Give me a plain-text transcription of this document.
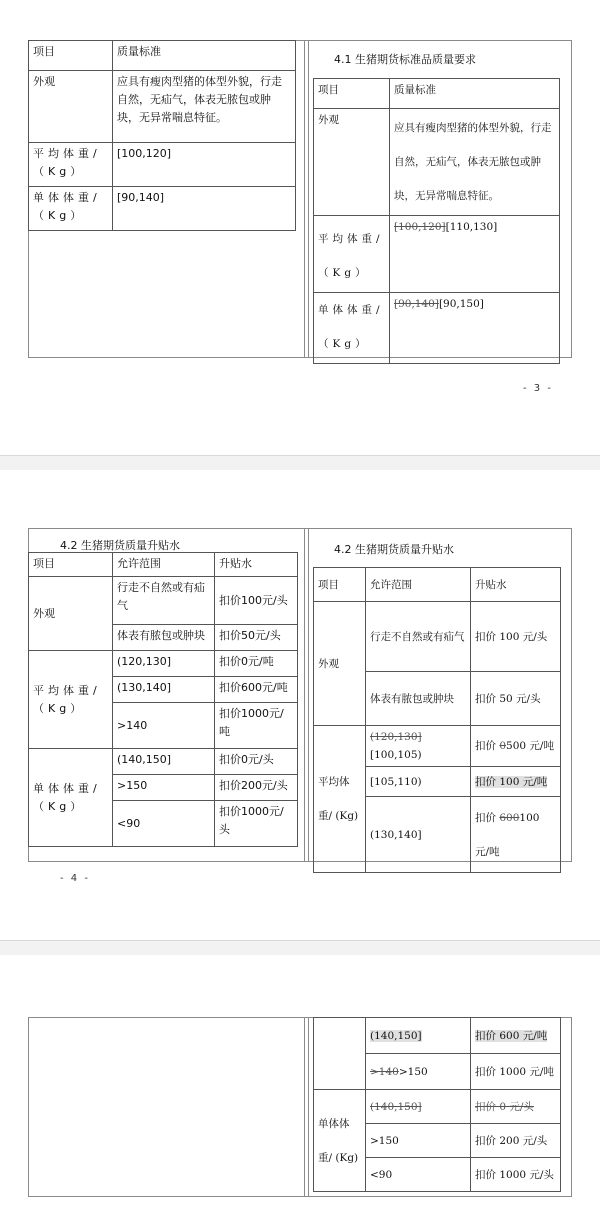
项目	质量标准
外观	应具有瘦肉型猪的体型外貌，行走自然，无疝气，体表无脓包或肿块，无异常喘息特征。
平均体重/（Kg）	[100,120]
单体体重/（Kg）	[90,140]
4.1 生猪期货标准品质量要求
项目	质量标准
外观	应具有瘦肉型猪的体型外貌，行走自然，无疝气，体表无脓包或肿块，无异常喘息特征。
平均体重/（Kg）	[100,120][110,130]
单体体重/（Kg）	[90,140][90,150]
- 3 -
4.2 生猪期货质量升贴水
项目	允许范围	升贴水
外观	行走不自然或有疝气	扣价100元/头
	体表有脓包或肿块	扣价50元/头
平均体重/（Kg）	(120,130]	扣价0元/吨
	(130,140]	扣价600元/吨
	>140	扣价1000元/吨
单体体重/（Kg）	(140,150]	扣价0元/头
	>150	扣价200元/头
	<90	扣价1000元/头
4.2 生猪期货质量升贴水
项目	允许范围	升贴水
外观	行走不自然或有疝气	扣价 100 元/头
	体表有脓包或肿块	扣价 50 元/头
平均体重/ (Kg)	(120,130][100,105)	扣价 0500 元/吨
	[105,110)	扣价 100 元/吨
	(130,140]	扣价 600100 元/吨
- 4 -
	(140,150]	扣价 600 元/吨
	>140>150	扣价 1000 元/吨
单体体重/ (Kg)	(140,150]	扣价 0 元/头
	>150	扣价 200 元/头
	<90	扣价 1000 元/头
